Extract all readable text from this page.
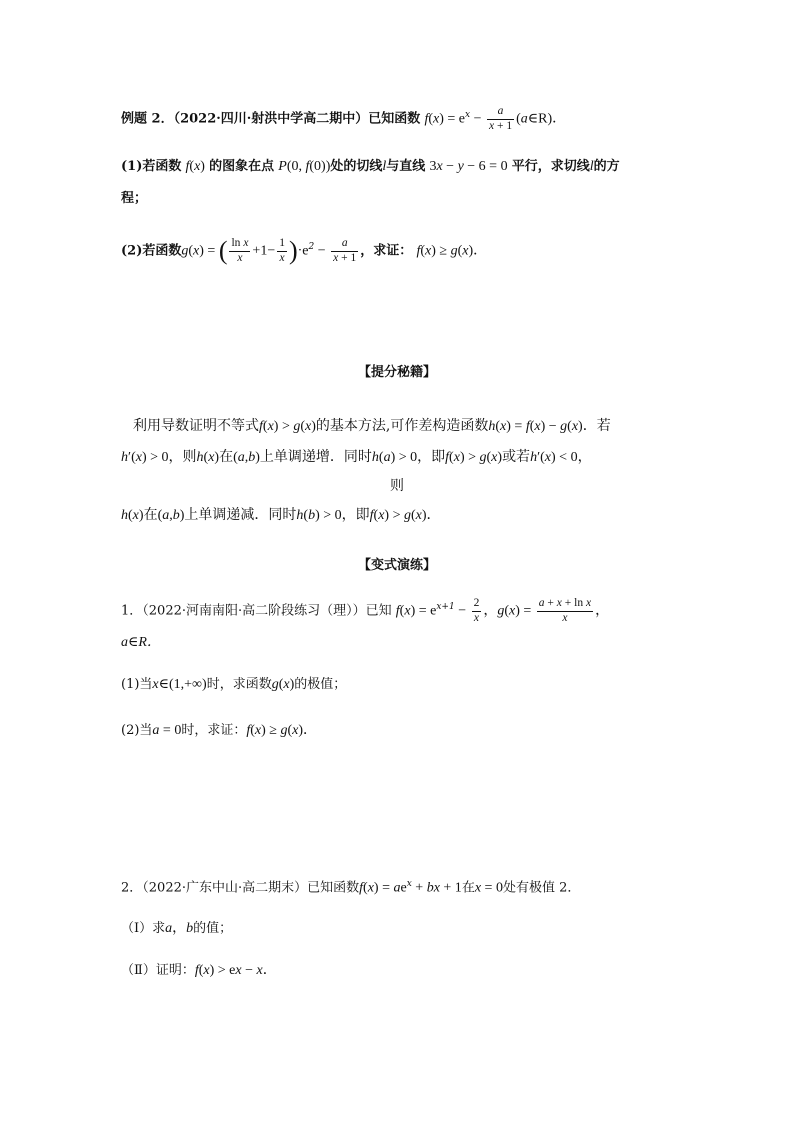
例题 2．（2022·四川·射洪中学高二期中）已知函数 $f(x) = e^x - \frac{a}{x + 1}$ (a∈R)．
(1)若函数 f(x) 的图象在点 P(0, f(0))处的切线l与直线 3x − y − 6 = 0 平行，求切线l的方
程；
(2)若函数g(x) = ( $\frac{\text{ln x}}{x} +1- \frac{1}{x} )\cdot e^2 - \frac{a}{x + 1}$ ，求证： f(x) ≥ g(x)．
【提分秘籍】
利用导数证明不等式f(x) > g(x)的基本方法,可作差构造函数h(x) = f(x) − g(x)．若
h′(x) > 0，则h(x)在(a,b)上单调递增．同时h(a) > 0，即f(x) > g(x)或若h′(x) < 0，
则
h(x)在(a,b)上单调递减．同时h(b) > 0，即f(x) > g(x)．
【变式演练】
1．（2022·河南南阳·高二阶段练习（理））已知 $f(x) = e^{x+1} - \frac{2}{x}$ ，$g(x) = \frac{\text{a + x + ln x}}{x}$ ，
a∈R．
(1)当x∈(1,+∞)时，求函数g(x)的极值；
(2)当a = 0时，求证：f(x) ≥ g(x)．
2．（2022·广东中山·高二期末）已知函数$f(x) = ae^x$ + bx + 1在x = 0处有极值 2．
（Ⅰ）求a，b的值；
（Ⅱ）证明：f(x) > ex − x．
